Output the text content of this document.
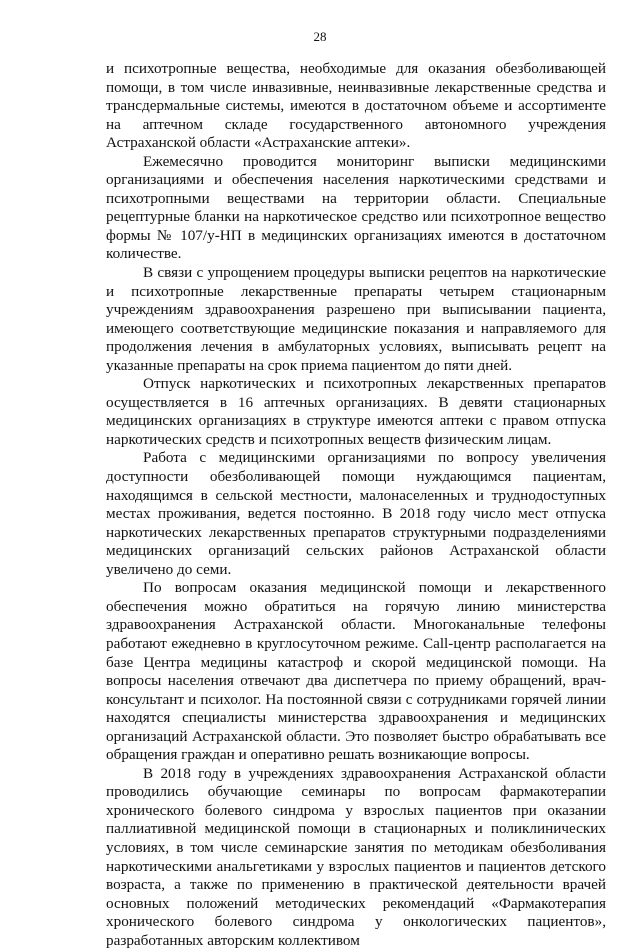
28

и психотропные вещества, необходимые для оказания обезболивающей помощи, в том числе инвазивные, неинвазивные лекарственные средства и трансдермальные системы, имеются в достаточном объеме и ассортименте на аптечном складе государственного автономного учреждения Астраханской области «Астраханские аптеки».

Ежемесячно проводится мониторинг выписки медицинскими организациями и обеспечения населения наркотическими средствами и психотропными веществами на территории области. Специальные рецептурные бланки на наркотическое средство или психотропное вещество формы № 107/у-НП в медицинских организациях имеются в достаточном количестве.

В связи с упрощением процедуры выписки рецептов на наркотические и психотропные лекарственные препараты четырем стационарным учреждениям здравоохранения разрешено при выписывании пациента, имеющего соответствующие медицинские показания и направляемого для продолжения лечения в амбулаторных условиях, выписывать рецепт на указанные препараты на срок приема пациентом до пяти дней.

Отпуск наркотических и психотропных лекарственных препаратов осуществляется в 16 аптечных организациях. В девяти стационарных медицинских организациях в структуре имеются аптеки с правом отпуска наркотических средств и психотропных веществ физическим лицам.

Работа с медицинскими организациями по вопросу увеличения доступности обезболивающей помощи нуждающимся пациентам, находящимся в сельской местности, малонаселенных и труднодоступных местах проживания, ведется постоянно. В 2018 году число мест отпуска наркотических лекарственных препаратов структурными подразделениями медицинских организаций сельских районов Астраханской области увеличено до семи.

По вопросам оказания медицинской помощи и лекарственного обеспечения можно обратиться на горячую линию министерства здравоохранения Астраханской области. Многоканальные телефоны работают ежедневно в круглосуточном режиме. Call-центр располагается на базе Центра медицины катастроф и скорой медицинской помощи. На вопросы населения отвечают два диспетчера по приему обращений, врач-консультант и психолог. На постоянной связи с сотрудниками горячей линии находятся специалисты министерства здравоохранения и медицинских организаций Астраханской области. Это позволяет быстро обрабатывать все обращения граждан и оперативно решать возникающие вопросы.

В 2018 году в учреждениях здравоохранения Астраханской области проводились обучающие семинары по вопросам фармакотерапии хронического болевого синдрома у взрослых пациентов при оказании паллиативной медицинской помощи в стационарных и поликлинических условиях, в том числе семинарские занятия по методикам обезболивания наркотическими анальгетиками у взрослых пациентов и пациентов детского возраста, а также по применению в практической деятельности врачей основных положений методических рекомендаций «Фармакотерапия хронического болевого синдрома у онкологических пациентов», разработанных авторским коллективом
